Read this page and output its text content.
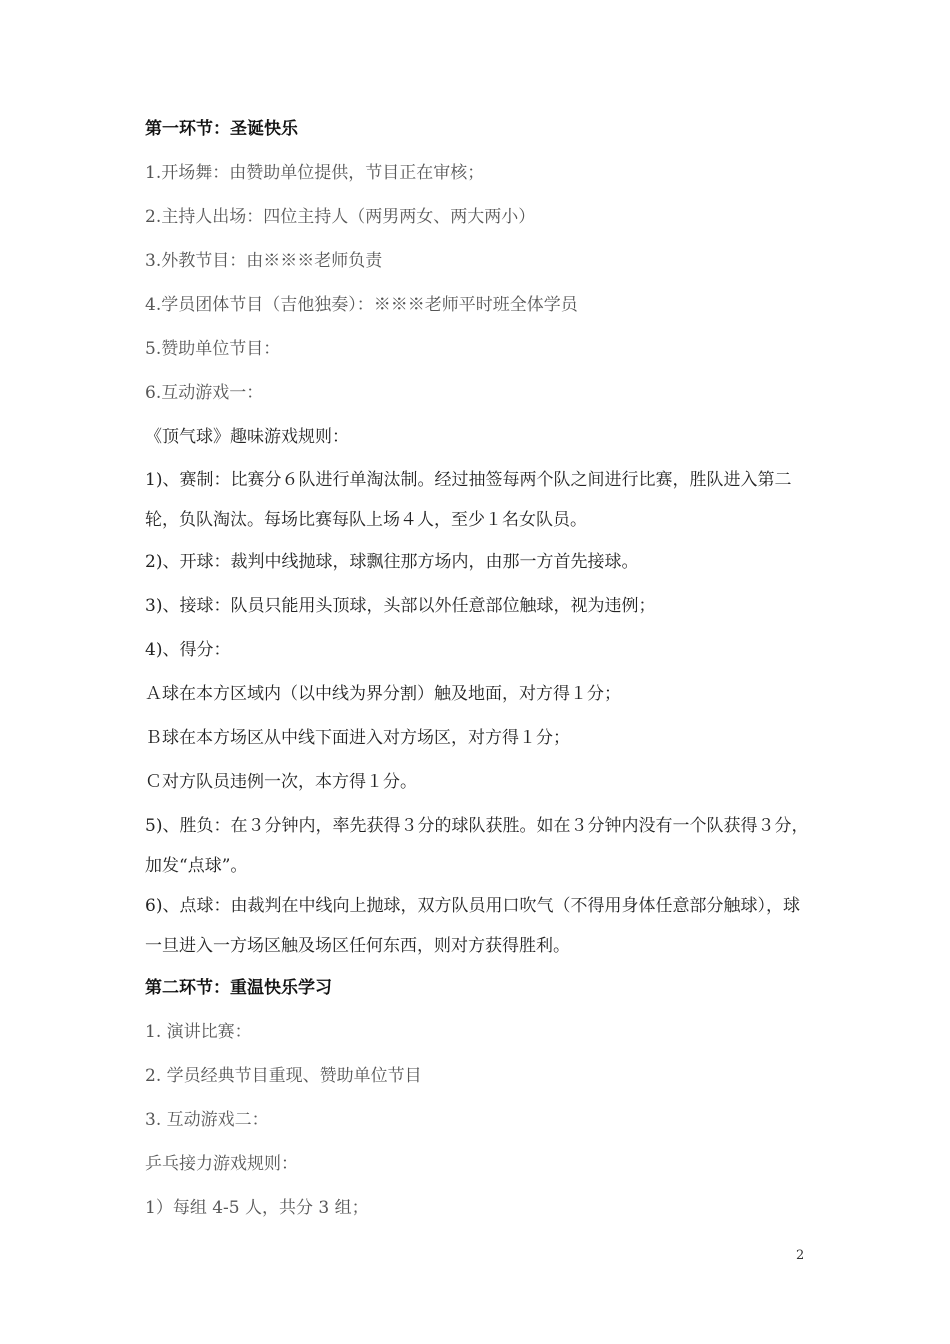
第一环节：圣诞快乐
1.开场舞：由赞助单位提供，节目正在审核；
2.主持人出场：四位主持人（两男两女、两大两小）
3.外教节目：由※※※老师负责
4.学员团体节目（吉他独奏）：※※※老师平时班全体学员
5.赞助单位节目：
6.互动游戏一：
《顶气球》趣味游戏规则：
1)、赛制：比赛分６队进行单淘汰制。经过抽签每两个队之间进行比赛，胜队进入第二轮，负队淘汰。每场比赛每队上场４人，至少１名女队员。
2)、开球：裁判中线抛球，球飘往那方场内，由那一方首先接球。
3)、接球：队员只能用头顶球，头部以外任意部位触球，视为违例；
4)、得分：
Ａ球在本方区域内（以中线为界分割）触及地面，对方得１分；
Ｂ球在本方场区从中线下面进入对方场区，对方得１分；
Ｃ对方队员违例一次，本方得１分。
5)、胜负：在３分钟内，率先获得３分的球队获胜。如在３分钟内没有一个队获得３分，加发“点球”。
6)、点球：由裁判在中线向上抛球，双方队员用口吹气（不得用身体任意部分触球），球一旦进入一方场区触及场区任何东西，则对方获得胜利。
第二环节：重温快乐学习
1. 演讲比赛：
2. 学员经典节目重现、赞助单位节目
3. 互动游戏二：
乒乓接力游戏规则：
1）每组 4-5 人，共分 3 组；
2
